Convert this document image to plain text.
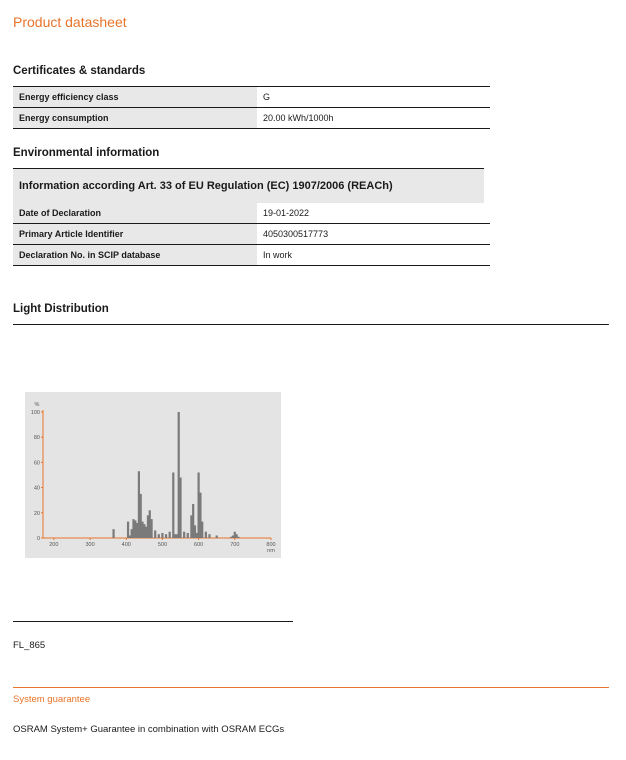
Product datasheet
Certificates & standards
Energy efficiency class	G
Energy consumption	20.00 kWh/1000h
Environmental information
Information according Art. 33 of EU Regulation (EC) 1907/2006 (REACh)
Date of Declaration	19-01-2022
Primary Article Identifier	4050300517773
Declaration No. in SCIP database	In work
Light Distribution
0
20
40
60
80
100
%
200	300	400	500	600	700	800
nm
FL_865
System guarantee
OSRAM System+ Guarantee in combination with OSRAM ECGs
